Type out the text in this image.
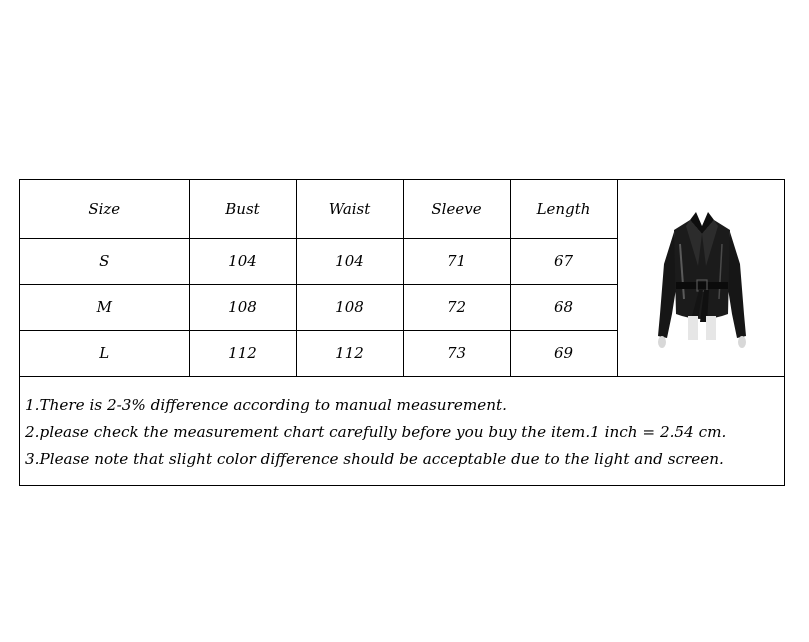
Size	Bust	Waist	Sleeve	Length
S	104	104	71	67
M	108	108	72	68
L	112	112	73	69
1.There is 2-3% difference according to manual measurement.
2.please check the measurement chart carefully before you buy the item.1 inch = 2.54 cm.
3.Please note that slight color difference should be acceptable due to the light and screen.
